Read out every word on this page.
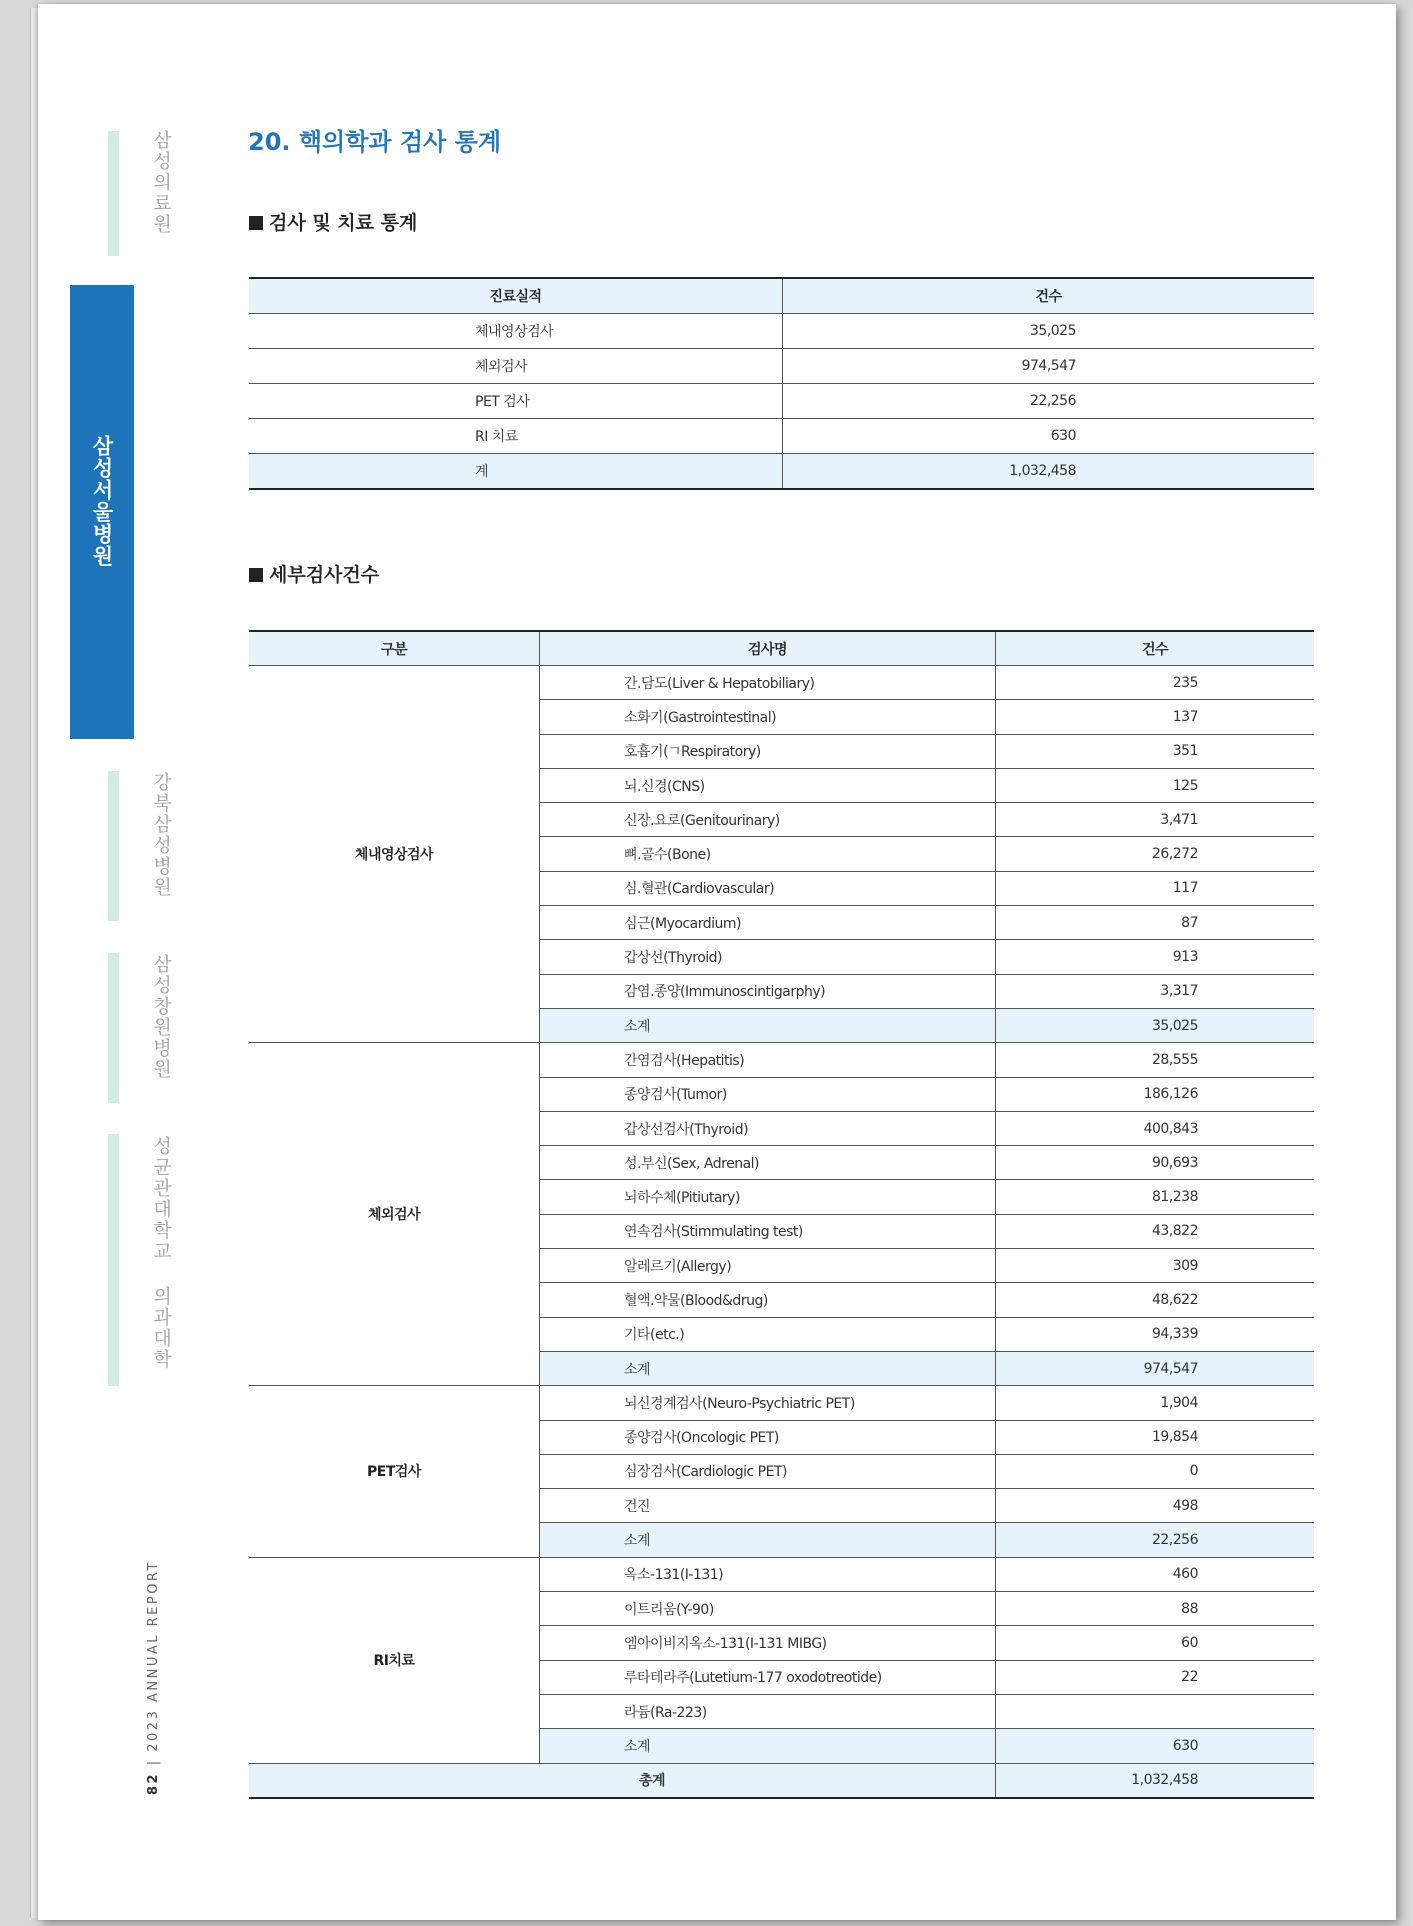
삼성의료원
삼성서울병원
강북삼성병원
삼성창원병원
성균관대학교 의과대학
82 | 2023 ANNUAL REPORT
20. 핵의학과 검사 통계
검사 및 치료 통계
진료실적	건수
체내영상검사	35,025
체외검사	974,547
PET 검사	22,256
RI 치료	630
계	1,032,458
세부검사건수
구분	검사명	건수
체내영상검사	간.담도(Liver & Hepatobiliary)	235
	소화기(Gastrointestinal)	137
	호흡기(ㄱRespiratory)	351
	뇌.신경(CNS)	125
	신장.요로(Genitourinary)	3,471
	뼈.골수(Bone)	26,272
	심.혈관(Cardiovascular)	117
	심근(Myocardium)	87
	갑상선(Thyroid)	913
	감염.종양(Immunoscintigarphy)	3,317
	소계	35,025
체외검사	간염검사(Hepatitis)	28,555
	종양검사(Tumor)	186,126
	갑상선검사(Thyroid)	400,843
	성.부신(Sex, Adrenal)	90,693
	뇌하수체(Pitiutary)	81,238
	연속검사(Stimmulating test)	43,822
	알레르기(Allergy)	309
	혈액.약물(Blood&drug)	48,622
	기타(etc.)	94,339
	소계	974,547
PET검사	뇌신경계검사(Neuro-Psychiatric PET)	1,904
	종양검사(Oncologic PET)	19,854
	심장검사(Cardiologic PET)	0
	건진	498
	소계	22,256
RI치료	옥소-131(I-131)	460
	이트리움(Y-90)	88
	엠아이비지옥소-131(I-131 MIBG)	60
	루타테라주(Lutetium-177 oxodotreotide)	22
	라듐(Ra-223)	
	소계	630
총계		1,032,458
